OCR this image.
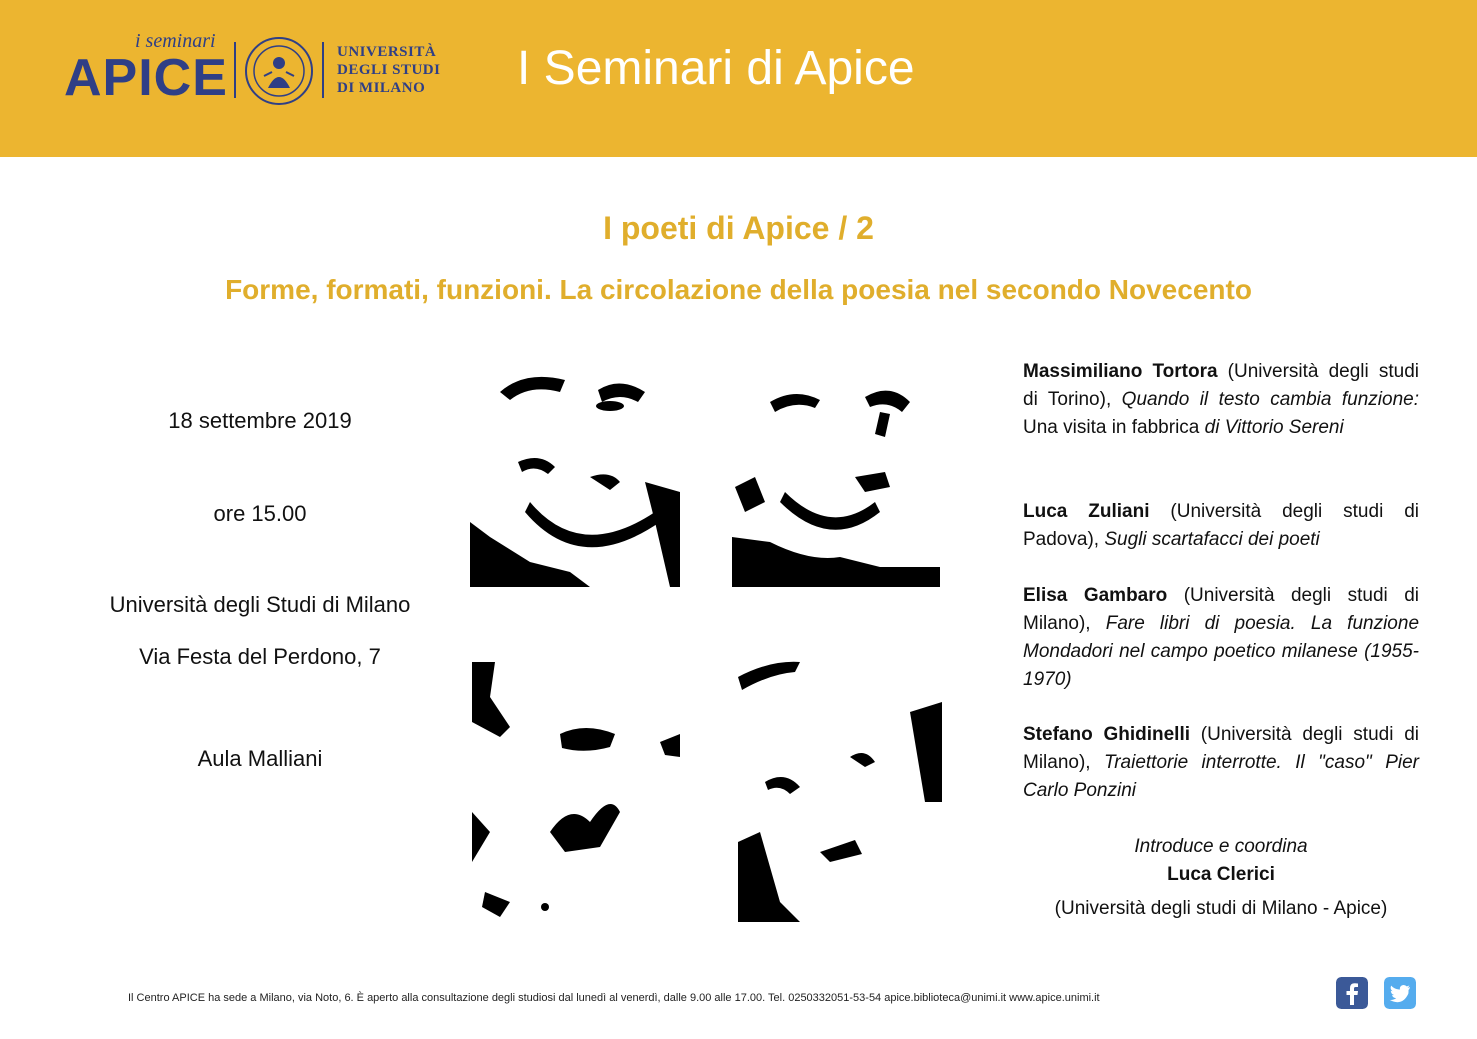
i seminari
APICE	UNIVERSITÀ
DEGLI STUDI
DI MILANO	I Seminari di Apice
I poeti di Apice / 2
Forme, formati, funzioni. La circolazione della poesia nel secondo Novecento
18 settembre 2019
ore 15.00
Università degli Studi di Milano
Via Festa del Perdono, 7
Aula Malliani
Massimiliano Tortora (Università degli studi di Torino), Quando il testo cambia funzione: Una visita in fabbrica di Vittorio Sereni
Luca Zuliani (Università degli studi di Padova), Sugli scartafacci dei poeti
Elisa Gambaro (Università degli studi di Milano), Fare libri di poesia. La funzione Mondadori nel campo poetico milanese (1955-1970)
Stefano Ghidinelli (Università degli studi di Milano), Traiettorie interrotte. Il "caso" Pier Carlo Ponzini
Introduce e coordina
Luca Clerici
(Università degli studi di Milano - Apice)
Il Centro APICE ha sede a Milano, via Noto, 6. È aperto alla consultazione degli studiosi dal lunedì al venerdì, dalle 9.00 alle 17.00. Tel. 0250332051-53-54 apice.biblioteca@unimi.it www.apice.unimi.it
